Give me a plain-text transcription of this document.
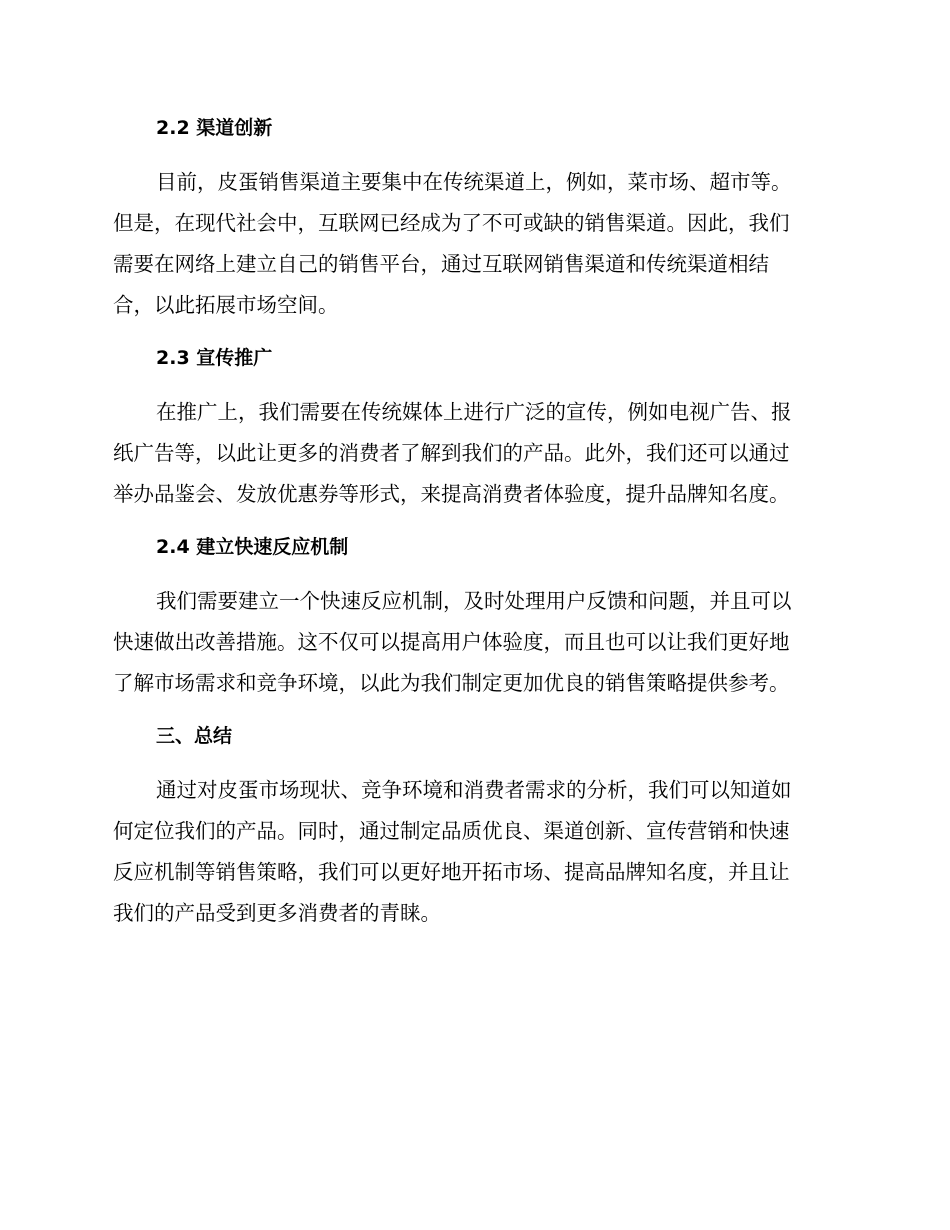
2.2 渠道创新
目前，皮蛋销售渠道主要集中在传统渠道上，例如，菜市场、超市等。
但是，在现代社会中，互联网已经成为了不可或缺的销售渠道。因此，我们
需要在网络上建立自己的销售平台，通过互联网销售渠道和传统渠道相结
合，以此拓展市场空间。
2.3 宣传推广
在推广上，我们需要在传统媒体上进行广泛的宣传，例如电视广告、报
纸广告等，以此让更多的消费者了解到我们的产品。此外，我们还可以通过
举办品鉴会、发放优惠券等形式，来提高消费者体验度，提升品牌知名度。
2.4 建立快速反应机制
我们需要建立一个快速反应机制，及时处理用户反馈和问题，并且可以
快速做出改善措施。这不仅可以提高用户体验度，而且也可以让我们更好地
了解市场需求和竞争环境，以此为我们制定更加优良的销售策略提供参考。
三、总结
通过对皮蛋市场现状、竞争环境和消费者需求的分析，我们可以知道如
何定位我们的产品。同时，通过制定品质优良、渠道创新、宣传营销和快速
反应机制等销售策略，我们可以更好地开拓市场、提高品牌知名度，并且让
我们的产品受到更多消费者的青睐。
